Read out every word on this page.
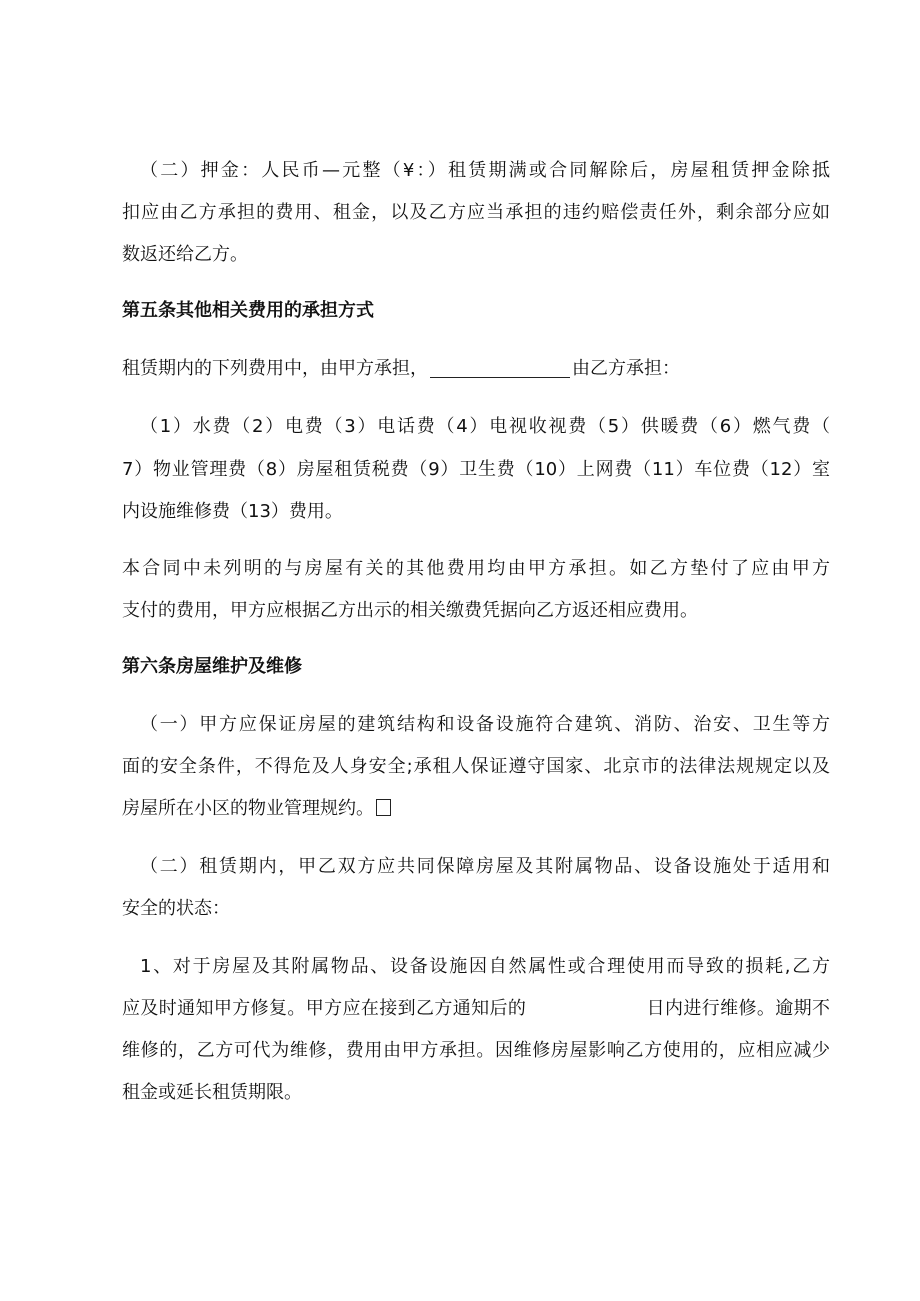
（二）押金：人民币—元整（¥：）租赁期满或合同解除后，房屋租赁押金除抵
扣应由乙方承担的费用、租金，以及乙方应当承担的违约赔偿责任外，剩余部分应如
数返还给乙方。
第五条其他相关费用的承担方式
租赁期内的下列费用中，由甲方承担，	由乙方承担：
（1）水费（2）电费（3）电话费（4）电视收视费（5）供暖费（6）燃气费（
7）物业管理费（8）房屋租赁税费（9）卫生费（10）上网费（11）车位费（12）室
内设施维修费（13）费用。
本合同中未列明的与房屋有关的其他费用均由甲方承担。如乙方垫付了应由甲方
支付的费用，甲方应根据乙方出示的相关缴费凭据向乙方返还相应费用。
第六条房屋维护及维修
（一）甲方应保证房屋的建筑结构和设备设施符合建筑、消防、治安、卫生等方
面的安全条件，不得危及人身安全;承租人保证遵守国家、北京市的法律法规规定以及
房屋所在小区的物业管理规约。
（二）租赁期内，甲乙双方应共同保障房屋及其附属物品、设备设施处于适用和
安全的状态：
1、对于房屋及其附属物品、设备设施因自然属性或合理使用而导致的损耗,乙方
应及时通知甲方修复。甲方应在接到乙方通知后的	日内进行维修。逾期不
维修的，乙方可代为维修，费用由甲方承担。因维修房屋影响乙方使用的，应相应减少
租金或延长租赁期限。
